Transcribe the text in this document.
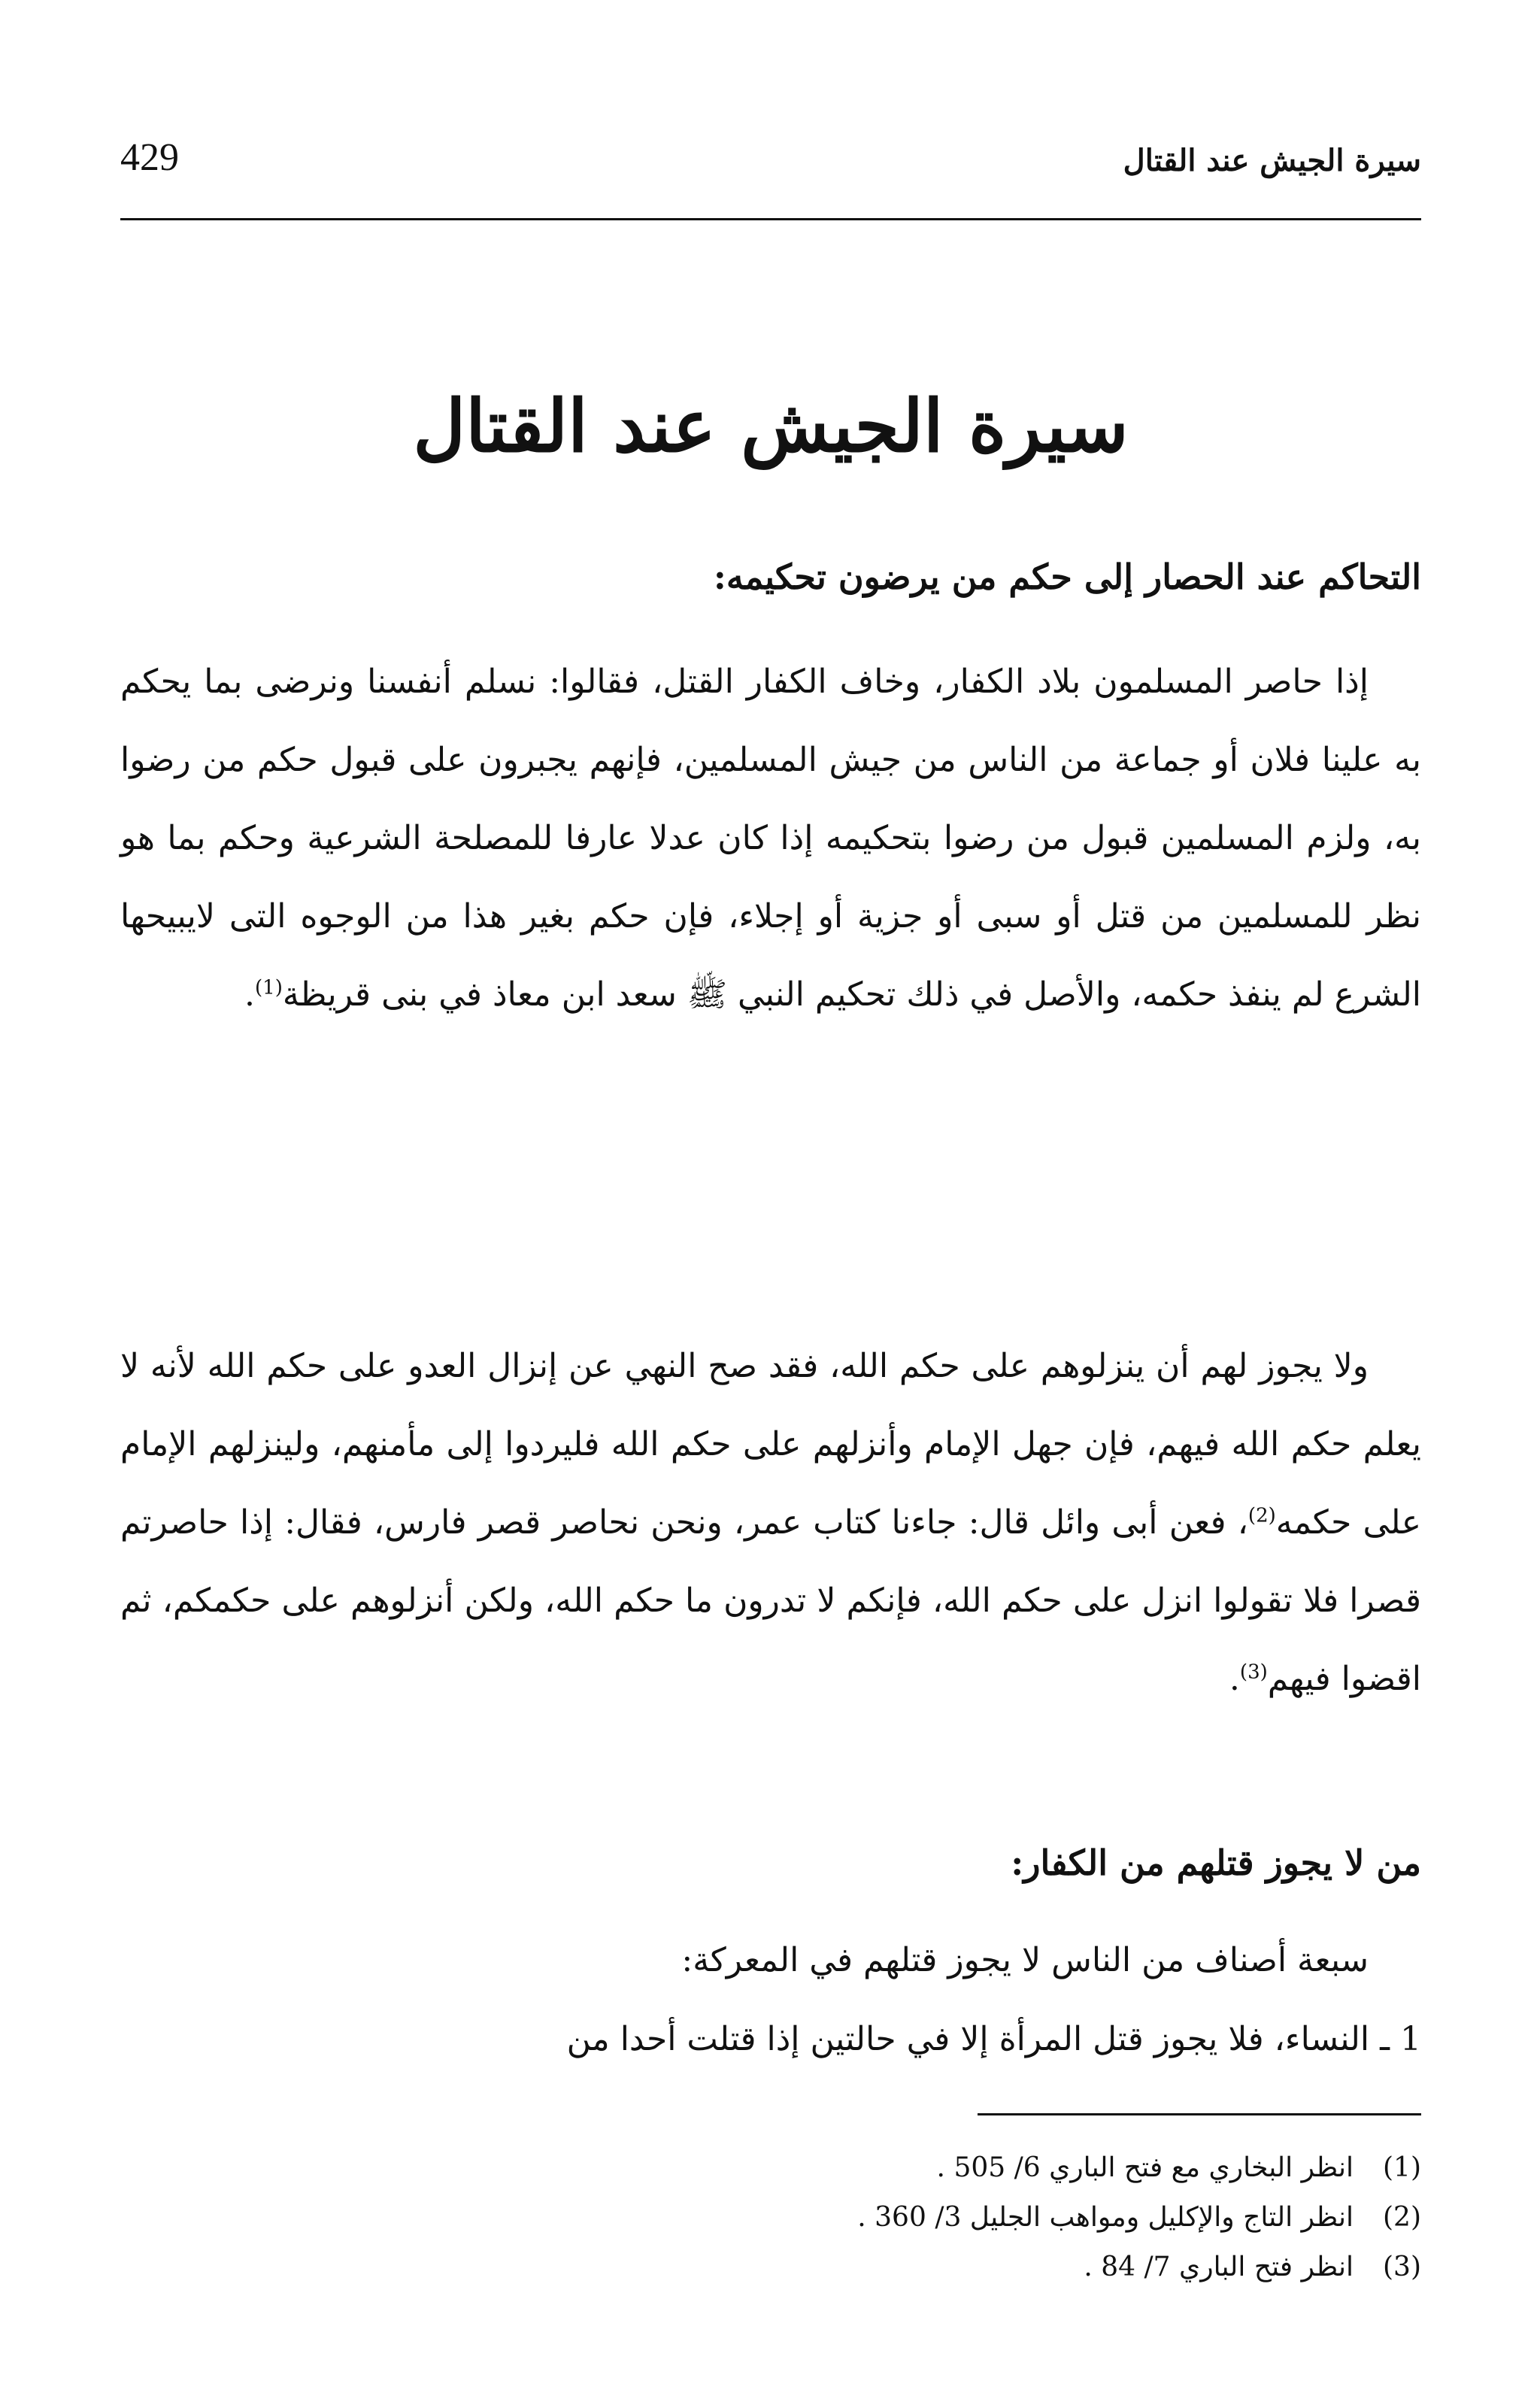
سيرة الجيش عند القتال
429
سيرة الجيش عند القتال
التحاكم عند الحصار إلى حكم من يرضون تحكيمه:

إذا حاصر المسلمون بلاد الكفار، وخاف الكفار القتل، فقالوا: نسلم أنفسنا ونرضى بما يحكم به علينا فلان أو جماعة من الناس من جيش المسلمين، فإنهم يجبرون على قبول حكم من رضوا به، ولزم المسلمين قبول من رضوا بتحكيمه إذا كان عدلا عارفا للمصلحة الشرعية وحكم بما هو نظر للمسلمين من قتل أو سبى أو جزية أو إجلاء، فإن حكم بغير هذا من الوجوه التى لايبيحها الشرع لم ينفذ حكمه، والأصل في ذلك تحكيم النبي ﷺ سعد ابن معاذ في بنى قريظة$^{(1)}$.

ولا يجوز لهم أن ينزلوهم على حكم الله، فقد صح النهي عن إنزال العدو على حكم الله لأنه لا يعلم حكم الله فيهم، فإن جهل الإمام وأنزلهم على حكم الله فليردوا إلى مأمنهم، ولينزلهم الإمام على حكمه$^{(2)}$، فعن أبى وائل قال: جاءنا كتاب عمر، ونحن نحاصر قصر فارس، فقال: إذا حاصرتم قصرا فلا تقولوا انزل على حكم الله، فإنكم لا تدرون ما حكم الله، ولكن أنزلوهم على حكمكم، ثم اقضوا فيهم$^{(3)}$.

من لا يجوز قتلهم من الكفار:

سبعة أصناف من الناس لا يجوز قتلهم في المعركة:

1 ـ النساء، فلا يجوز قتل المرأة إلا في حالتين إذا قتلت أحدا من

(1)
انظر البخاري مع فتح الباري 6/ 505 .
(2)
انظر التاج والإكليل ومواهب الجليل 3/ 360 .
(3)
انظر فتح الباري 7/ 84 .
